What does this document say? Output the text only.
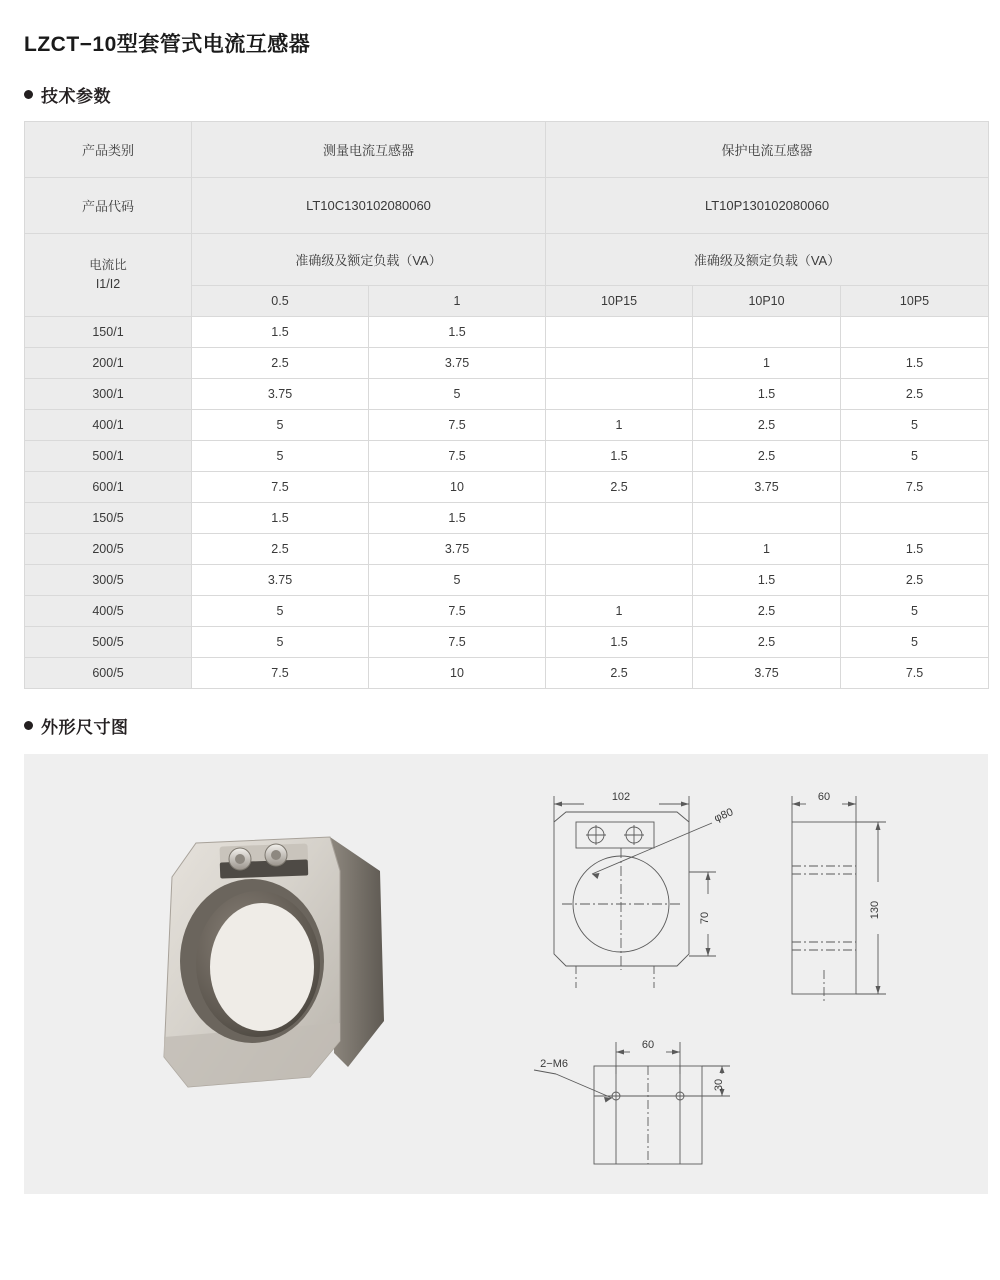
LZCT−10型套管式电流互感器
技术参数
产品类别	测量电流互感器		保护电流互感器		
产品代码	LT10C130102080060		LT10P130102080060		

电流比
I1/I2	准确级及额定负载（VA）		准确级及额定负载（VA）		
	0.5	1	10P15	10P10	10P5
150/1	1.5	1.5			
200/1	2.5	3.75		1	1.5
300/1	3.75	5		1.5	2.5
400/1	5	7.5	1	2.5	5
500/1	5	7.5	1.5	2.5	5
600/1	7.5	10	2.5	3.75	7.5
150/5	1.5	1.5			
200/5	2.5	3.75		1	1.5
300/5	3.75	5		1.5	2.5
400/5	5	7.5	1	2.5	5
500/5	5	7.5	1.5	2.5	5
600/5	7.5	10	2.5	3.75	7.5
外形尺寸图
102
φ80
70
60
130
60
30
2−M6
